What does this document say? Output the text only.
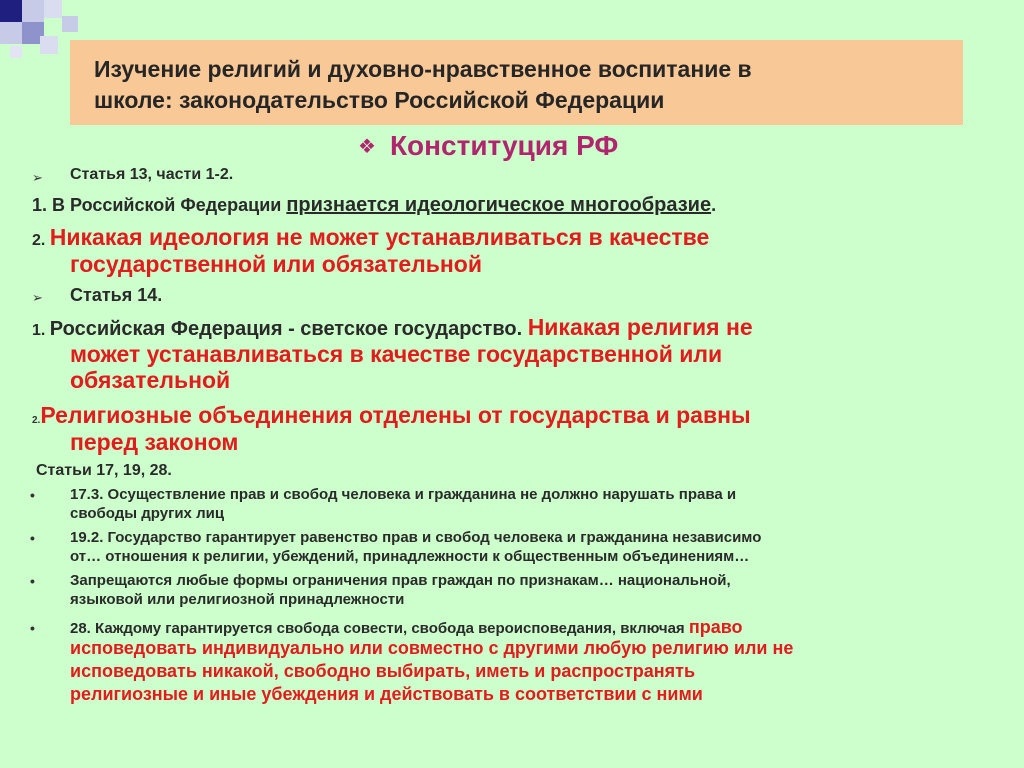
Изучение религий и духовно-нравственное воспитание в
школе: законодательство Российской Федерации
❖ Конституция РФ
➢ Статья 13, части 1-2.
1. В Российской Федерации признается идеологическое многообразие.
2. Никакая идеология не может устанавливаться в качестве
государственной или обязательной
➢ Статья 14.
1. Российская Федерация - светское государство. Никакая религия не
может устанавливаться в качестве государственной или
обязательной
2.Религиозные объединения отделены от государства и равны
перед законом
Статьи 17, 19, 28.
• 17.3. Осуществление прав и свобод человека и гражданина не должно нарушать права и
свободы других лиц
• 19.2. Государство гарантирует равенство прав и свобод человека и гражданина независимо
от… отношения к религии, убеждений, принадлежности к общественным объединениям…
• Запрещаются любые формы ограничения прав граждан по признакам… национальной,
языковой или религиозной принадлежности
• 28. Каждому гарантируется свобода совести, свобода вероисповедания, включая право
исповедовать индивидуально или совместно с другими любую религию или не
исповедовать никакой, свободно выбирать, иметь и распространять
религиозные и иные убеждения и действовать в соответствии с ними
